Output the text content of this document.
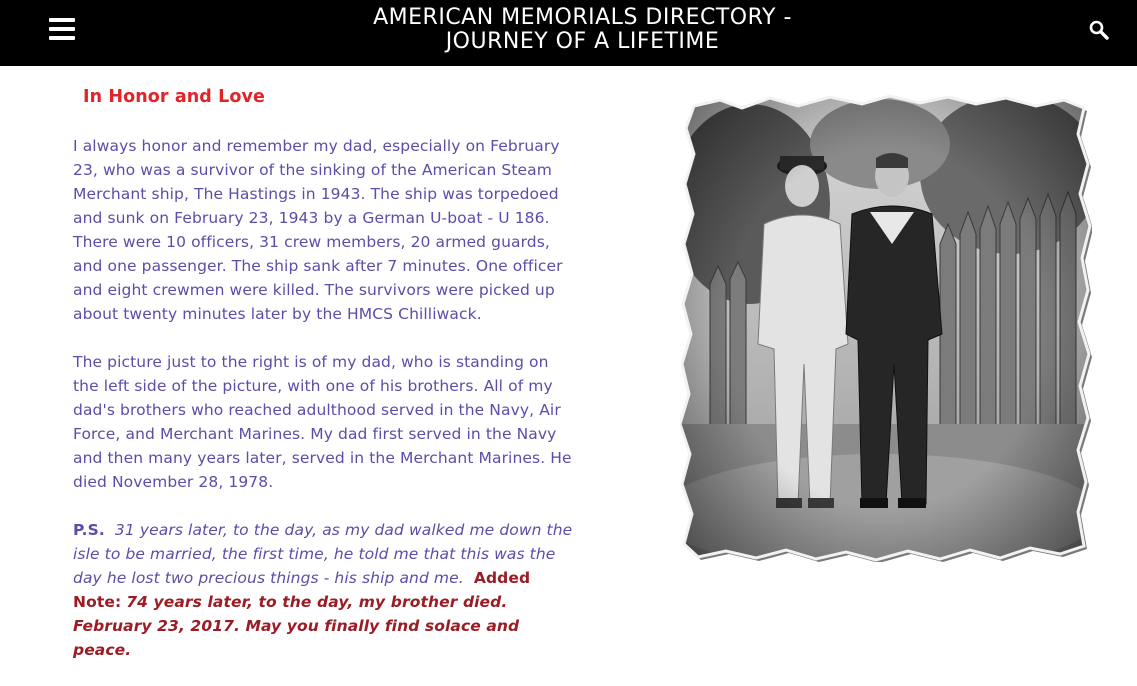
AMERICAN MEMORIALS DIRECTORY -
JOURNEY OF A LIFETIME
In Honor and Love

I always honor and remember my dad, especially on February 23, who was a survivor of the sinking of the American Steam Merchant ship, The Hastings in 1943. The ship was torpedoed and sunk on February 23, 1943 by a German U-boat - U 186. There were 10 officers, 31 crew members, 20 armed guards, and one passenger. The ship sank after 7 minutes. One officer and eight crewmen were killed. The survivors were picked up about twenty minutes later by the HMCS Chilliwack.

The picture just to the right is of my dad, who is standing on the left side of the picture, with one of his brothers. All of my dad's brothers who reached adulthood served in the Navy, Air Force, and Merchant Marines. My dad first served in the Navy and then many years later, served in the Merchant Marines. He died November 28, 1978.

P.S. 31 years later, to the day, as my dad walked me down the isle to be married, the first time, he told me that this was the day he lost two precious things - his ship and me. Added Note: 74 years later, to the day, my brother died. February 23, 2017. May you finally find solace and peace.
